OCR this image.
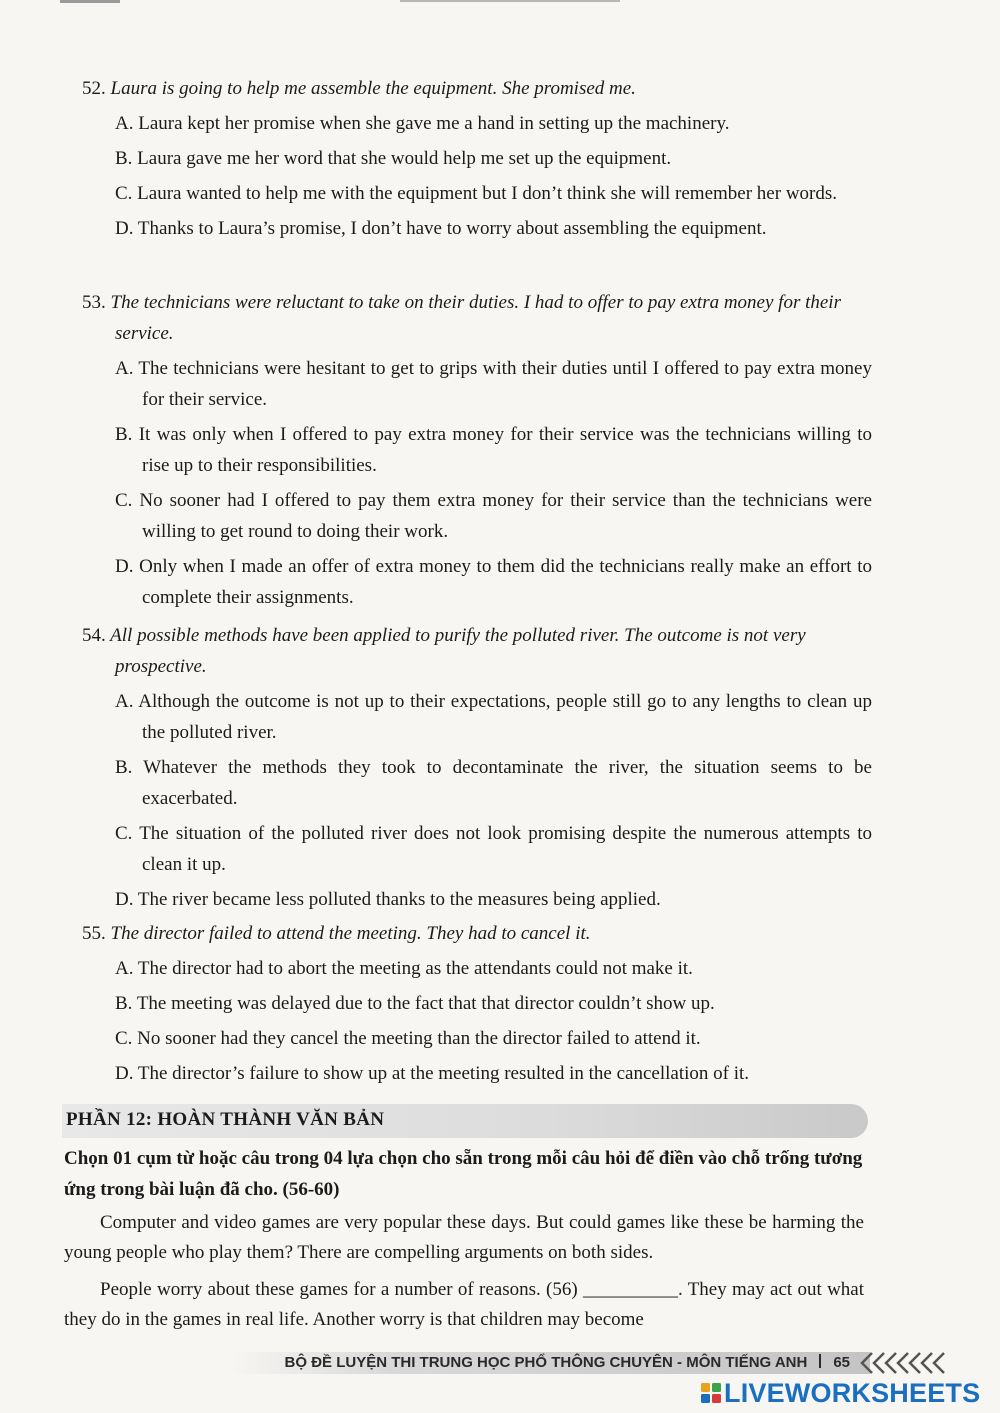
52. Laura is going to help me assemble the equipment. She promised me.
A. Laura kept her promise when she gave me a hand in setting up the machinery.
B. Laura gave me her word that she would help me set up the equipment.
C. Laura wanted to help me with the equipment but I don’t think she will remember her words.
D. Thanks to Laura’s promise, I don’t have to worry about assembling the equipment.
53. The technicians were reluctant to take on their duties. I had to offer to pay extra money for their service.
A. The technicians were hesitant to get to grips with their duties until I offered to pay extra money for their service.
B. It was only when I offered to pay extra money for their service was the technicians willing to rise up to their responsibilities.
C. No sooner had I offered to pay them extra money for their service than the technicians were willing to get round to doing their work.
D. Only when I made an offer of extra money to them did the technicians really make an effort to complete their assignments.
54. All possible methods have been applied to purify the polluted river. The outcome is not very prospective.
A. Although the outcome is not up to their expectations, people still go to any lengths to clean up the polluted river.
B. Whatever the methods they took to decontaminate the river, the situation seems to be exacerbated.
C. The situation of the polluted river does not look promising despite the numerous attempts to clean it up.
D. The river became less polluted thanks to the measures being applied.
55. The director failed to attend the meeting. They had to cancel it.
A. The director had to abort the meeting as the attendants could not make it.
B. The meeting was delayed due to the fact that that director couldn’t show up.
C. No sooner had they cancel the meeting than the director failed to attend it.
D. The director’s failure to show up at the meeting resulted in the cancellation of it.
PHẦN 12: HOÀN THÀNH VĂN BẢN
Chọn 01 cụm từ hoặc câu trong 04 lựa chọn cho sẵn trong mỗi câu hỏi để điền vào chỗ trống tương ứng trong bài luận đã cho. (56-60)
Computer and video games are very popular these days. But could games like these be harming the young people who play them? There are compelling arguments on both sides.
People worry about these games for a number of reasons. (56) __________. They may act out what they do in the games in real life. Another worry is that children may become
BỘ ĐỀ LUYỆN THI TRUNG HỌC PHỔ THÔNG CHUYÊN - MÔN TIẾNG ANH 65
LIVEWORKSHEETS
